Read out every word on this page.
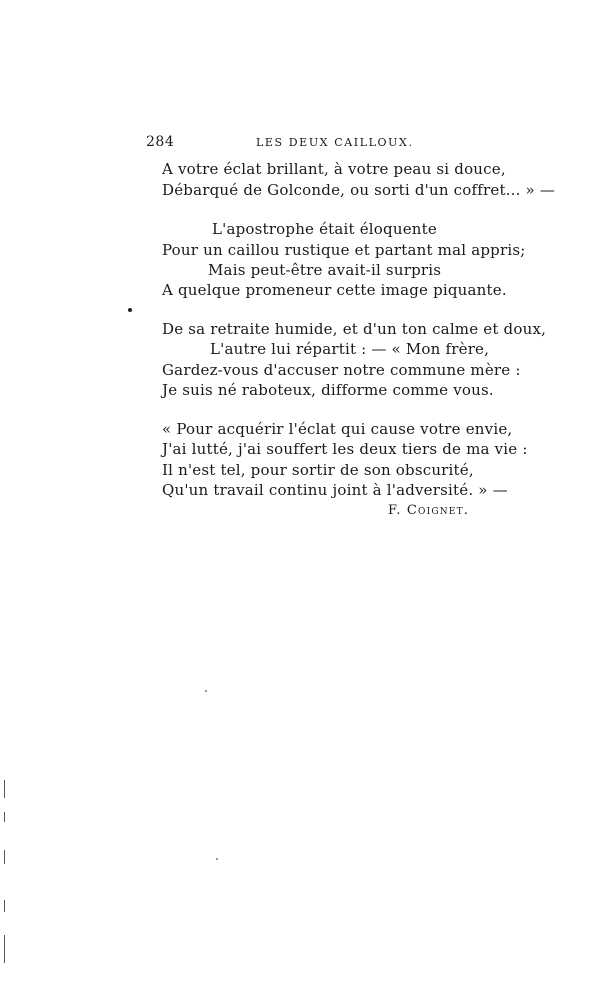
284	LES DEUX CAILLOUX.
A votre éclat brillant, à votre peau si douce,
Débarqué de Golconde, ou sorti d'un coffret... » —
L'apostrophe était éloquente
Pour un caillou rustique et partant mal appris;
Mais peut-être avait-il surpris
A quelque promeneur cette image piquante.
De sa retraite humide, et d'un ton calme et doux,
L'autre lui répartit : — « Mon frère,
Gardez-vous d'accuser notre commune mère :
Je suis né raboteux, difforme comme vous.
« Pour acquérir l'éclat qui cause votre envie,
J'ai lutté, j'ai souffert les deux tiers de ma vie :
Il n'est tel, pour sortir de son obscurité,
Qu'un travail continu joint à l'adversité. » —
F. Coignet.
